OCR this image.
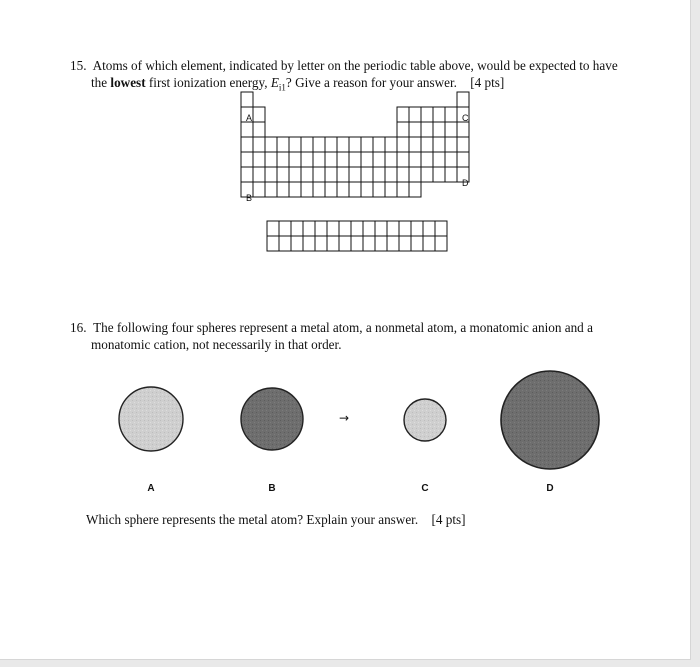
15. Atoms of which element, indicated by letter on the periodic table above, would be expected to have
the lowest first ionization energy, $E_{i1}$? Give a reason for your answer. [4 pts]
A	C
D
B
16. The following four spheres represent a metal atom, a nonmetal atom, a monatomic anion and a
monatomic cation, not necessarily in that order.
→
A	B	C	D
Which sphere represents the metal atom? Explain your answer. [4 pts]
